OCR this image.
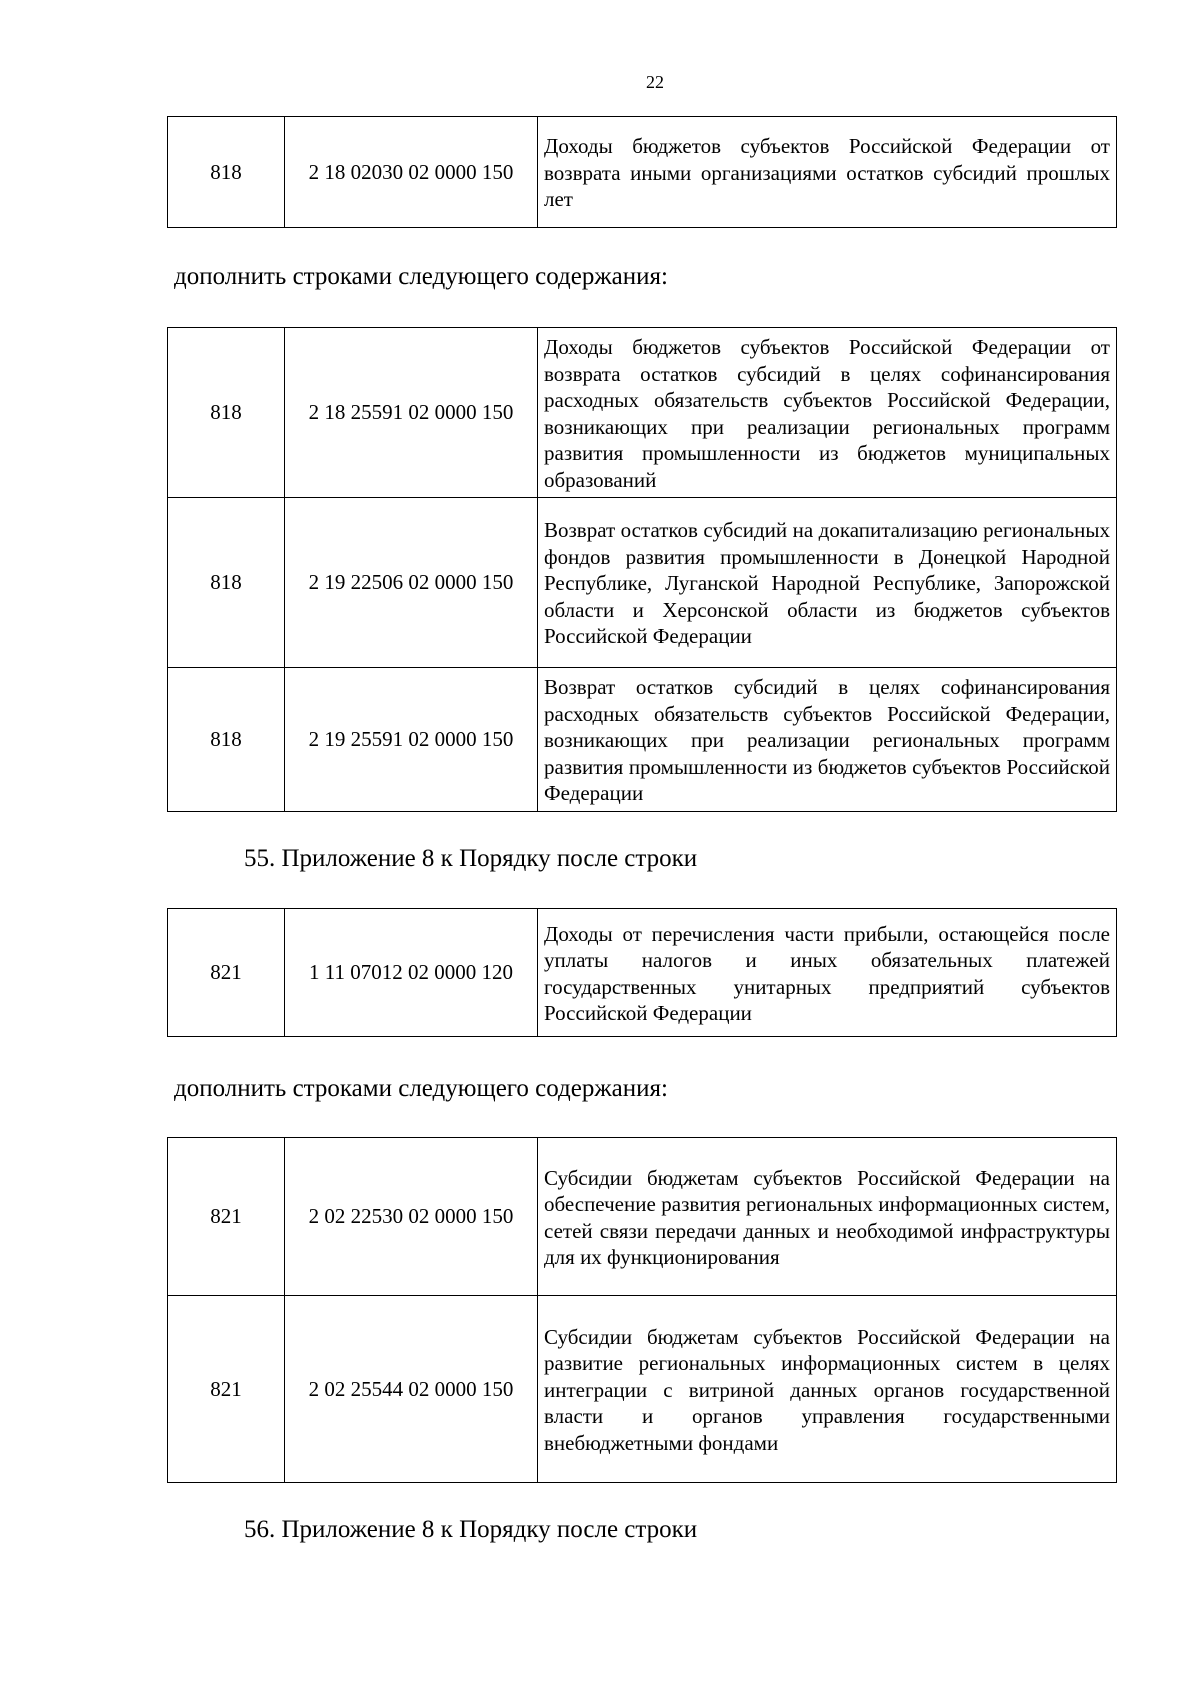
22
818	2 18 02030 02 0000 150	Доходы бюджетов субъектов Российской Федерации от возврата иными организациями остатков субсидий прошлых лет
дополнить строками следующего содержания:
818	2 18 25591 02 0000 150	Доходы бюджетов субъектов Российской Федерации от возврата остатков субсидий в целях софинансирования расходных обязательств субъектов Российской Федерации, возникающих при реализации региональных программ развития промышленности из бюджетов муниципальных образований
818	2 19 22506 02 0000 150	Возврат остатков субсидий на докапитализацию региональных фондов развития промышленности в Донецкой Народной Республике, Луганской Народной Республике, Запорожской области и Херсонской области из бюджетов субъектов Российской Федерации
818	2 19 25591 02 0000 150	Возврат остатков субсидий в целях софинансирования расходных обязательств субъектов Российской Федерации, возникающих при реализации региональных программ развития промышленности из бюджетов субъектов Российской Федерации
55. Приложение 8 к Порядку после строки
821	1 11 07012 02 0000 120	Доходы от перечисления части прибыли, остающейся после уплаты налогов и иных обязательных платежей государственных унитарных предприятий субъектов Российской Федерации
дополнить строками следующего содержания:
821	2 02 22530 02 0000 150	Субсидии бюджетам субъектов Российской Федерации на обеспечение развития региональных информационных систем, сетей связи передачи данных и необходимой инфраструктуры для их функционирования
821	2 02 25544 02 0000 150	Субсидии бюджетам субъектов Российской Федерации на развитие региональных информационных систем в целях интеграции с витриной данных органов государственной власти и органов управления государственными внебюджетными фондами
56. Приложение 8 к Порядку после строки
